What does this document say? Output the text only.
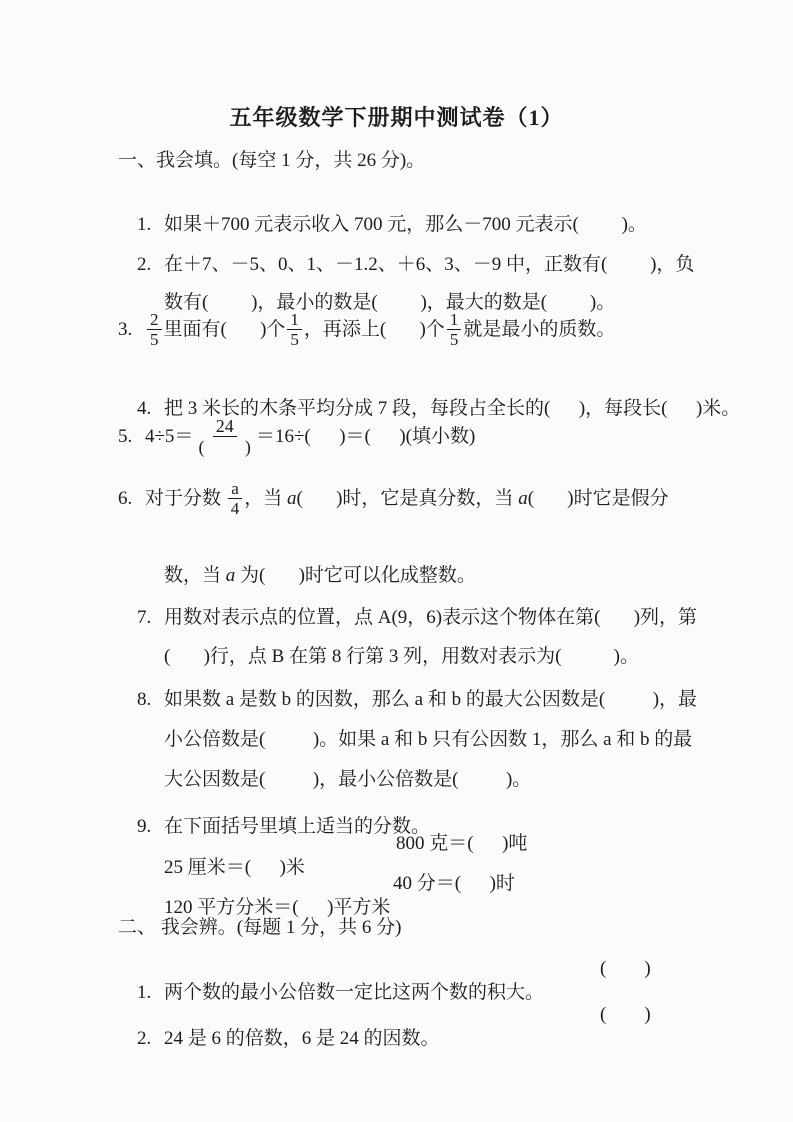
五年级数学下册期中测试卷（1）
一、我会填。(每空 1 分，共 26 分)。

1. 如果＋700 元表示收入 700 元，那么－700 元表示(         )。

2. 在＋7、－5、0、1、－1.2、＋6、3、－9 中，正数有(         )，负

数有(         )，最小的数是(         )，最大的数是(         )。

3. $\frac{2}{5}$ 里面有(       )个 $\frac{1}{5}$ ，再添上(       )个 $\frac{1}{5}$ 就是最小的质数。

4. 把 3 米长的木条平均分成 7 段，每段占全长的(      )，每段长(      )米。

5. $4\div 5= \frac{24}{( )} =16\div$(      )＝(      )(填小数)
6. 对于分数 $\frac{a}{4}$ ，当 a (       )时，它是真分数，当 a (       )时它是假分

数，当 a 为(       )时它可以化成整数。

7. 用数对表示点的位置，点 A(9，6)表示这个物体在第(       )列，第

(       )行，点 B 在第 8 行第 3 列，用数对表示为(           )。

8. 如果数 a 是数 b 的因数，那么 a 和 b 的最大公因数是(          )，最

小公倍数是(          )。如果 a 和 b 只有公因数 1，那么 a 和 b 的最

大公因数是(          )，最小公倍数是(          )。

9. 在下面括号里填上适当的分数。

25 厘米＝(      )米

800 克＝(      )吨

120 平方分米＝(      )平方米

40 分＝(      )时

二、 我会辨。(每题 1 分，共 6 分)

1. 两个数的最小公倍数一定比这两个数的积大。

(        )

2. 24 是 6 的倍数，6 是 24 的因数。

(        )
